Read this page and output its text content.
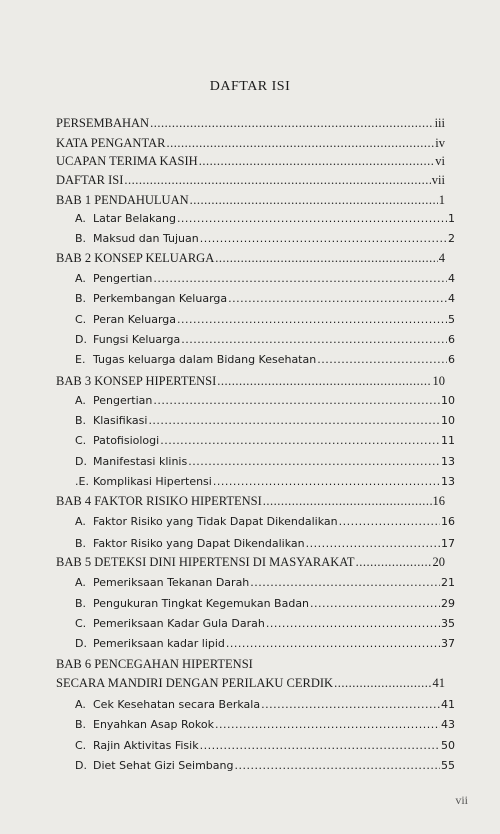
DAFTAR ISI
PERSEMBAHAN .....	iii
KATA PENGANTAR .....	iv
UCAPAN TERIMA KASIH .....	vi
DAFTAR ISI .....	vii
BAB 1 PENDAHULUAN .....	1
A. Latar Belakang .....	1
B. Maksud dan Tujuan .....	2
BAB 2 KONSEP KELUARGA .....	4
A. Pengertian .....	4
B. Perkembangan Keluarga .....	4
C. Peran Keluarga .....	5
D. Fungsi Keluarga .....	6
E. Tugas keluarga dalam Bidang Kesehatan .....	6
BAB 3 KONSEP HIPERTENSI .....	10
A. Pengertian .....	10
B. Klasifikasi .....	10
C. Patofisiologi .....	11
D. Manifestasi klinis .....	13
.E. Komplikasi Hipertensi .....	13
BAB 4 FAKTOR RISIKO HIPERTENSI .....	16
A. Faktor Risiko yang Tidak Dapat Dikendalikan .....	16
B. Faktor Risiko yang Dapat Dikendalikan .....	17
BAB 5 DETEKSI DINI HIPERTENSI DI MASYARAKAT .....	20
A. Pemeriksaan Tekanan Darah .....	21
B. Pengukuran Tingkat Kegemukan Badan .....	29
C. Pemeriksaan Kadar Gula Darah .....	35
D. Pemeriksaan kadar lipid .....	37
BAB 6 PENCEGAHAN HIPERTENSI
SECARA MANDIRI DENGAN PERILAKU CERDIK .....	41
A. Cek Kesehatan secara Berkala .....	41
B. Enyahkan Asap Rokok .....	43
C. Rajin Aktivitas Fisik .....	50
D. Diet Sehat Gizi Seimbang .....	55
vii
